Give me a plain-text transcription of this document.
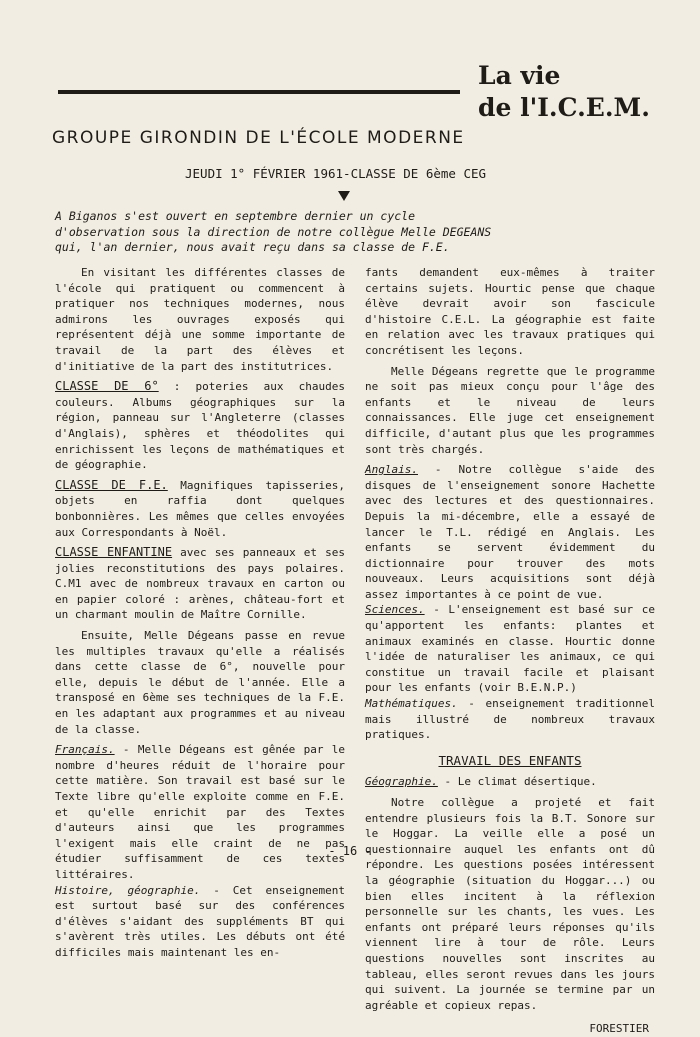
La vie
de l'I.C.E.M.
GROUPE GIRONDIN DE L'ÉCOLE MODERNE
JEUDI 1° FÉVRIER 1961-CLASSE DE 6ème CEG
A Biganos s'est ouvert en septembre dernier un cycle d'observation sous la direction de notre collègue Melle DEGEANS qui, l'an dernier, nous avait reçu dans sa classe de F.E.

En visitant les différentes classes de l'école qui pratiquent ou commencent à pratiquer nos techniques modernes, nous admirons les ouvrages exposés qui représentent déjà une somme importante de travail de la part des élèves et d'initiative de la part des institutrices.

CLASSE DE 6° : poteries aux chaudes couleurs. Albums géographiques sur la région, panneau sur l'Angleterre (classes d'Anglais), sphères et théodolites qui enrichissent les leçons de mathématiques et de géographie.

CLASSE DE F.E. Magnifiques tapisseries, objets en raffia dont quelques bonbonnières. Les mêmes que celles envoyées aux Correspondants à Noël.

CLASSE ENFANTINE avec ses panneaux et ses jolies reconstitutions des pays polaires. C.M1 avec de nombreux travaux en carton ou en papier coloré : arènes, château-fort et un charmant moulin de Maître Cornille.

Ensuite, Melle Dégeans passe en revue les multiples travaux qu'elle a réalisés dans cette classe de 6°, nouvelle pour elle, depuis le début de l'année. Elle a transposé en 6ème ses techniques de la F.E. en les adaptant aux programmes et au niveau de la classe.

Français. - Melle Dégeans est gênée par le nombre d'heures réduit de l'horaire pour cette matière. Son travail est basé sur le Texte libre qu'elle exploite comme en F.E. et qu'elle enrichit par des Textes d'auteurs ainsi que les programmes l'exigent mais elle craint de ne pas étudier suffisamment de ces textes littéraires.

Histoire, géographie. - Cet enseignement est surtout basé sur des conférences d'élèves s'aidant des suppléments BT qui s'avèrent très utiles. Les débuts ont été difficiles mais maintenant les en-

fants demandent eux-mêmes à traiter certains sujets. Hourtic pense que chaque élève devrait avoir son fascicule d'histoire C.E.L. La géographie est faite en relation avec les travaux pratiques qui concrétisent les leçons.

Melle Dégeans regrette que le programme ne soit pas mieux conçu pour l'âge des enfants et le niveau de leurs connaissances. Elle juge cet enseignement difficile, d'autant plus que les programmes sont très chargés.

Anglais. - Notre collègue s'aide des disques de l'enseignement sonore Hachette avec des lectures et des questionnaires. Depuis la mi-décembre, elle a essayé de lancer le T.L. rédigé en Anglais. Les enfants se servent évidemment du dictionnaire pour trouver des mots nouveaux. Leurs acquisitions sont déjà assez importantes à ce point de vue.

Sciences. - L'enseignement est basé sur ce qu'apportent les enfants: plantes et animaux examinés en classe. Hourtic donne l'idée de naturaliser les animaux, ce qui constitue un travail facile et plaisant pour les enfants (voir B.E.N.P.)

Mathématiques. - enseignement traditionnel mais illustré de nombreux travaux pratiques.

TRAVAIL DES ENFANTS

Géographie. - Le climat désertique.

Notre collègue a projeté et fait entendre plusieurs fois la B.T. Sonore sur le Hoggar. La veille elle a posé un questionnaire auquel les enfants ont dû répondre. Les questions posées intéressent la géographie (situation du Hoggar...) ou bien elles incitent à la réflexion personnelle sur les chants, les vues. Les enfants ont préparé leurs réponses qu'ils viennent lire à tour de rôle. Leurs questions nouvelles sont inscrites au tableau, elles seront revues dans les jours qui suivent. La journée se termine par un agréable et copieux repas.

FORESTIER

- 16 -
